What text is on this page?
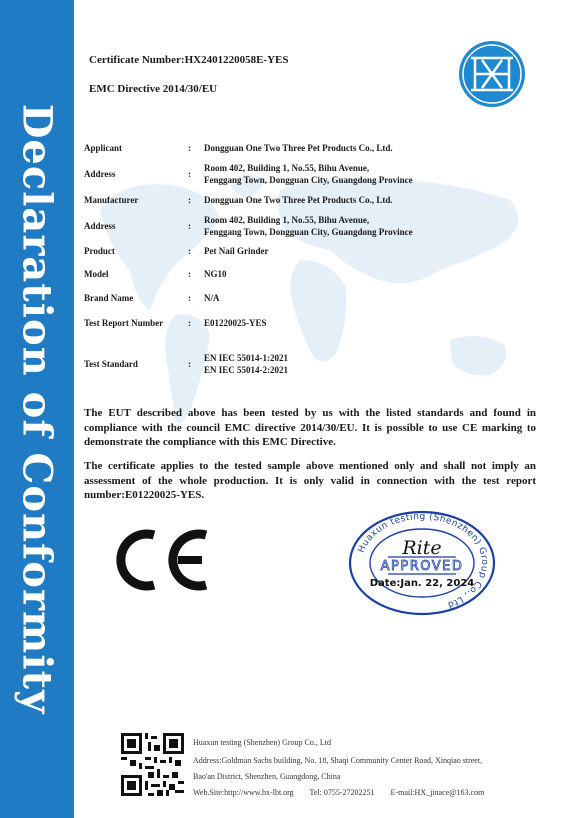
Declaration of Conformity
Certificate Number:HX2401220058E-YES
EMC Directive 2014/30/EU
Applicant	: Dongguan One Two Three Pet Products Co., Ltd.
Address	:
Room 402, Building 1, No.55, Bihu Avenue,
Fenggang Town, Dongguan City, Guangdong Province
Manufacturer	: Dongguan One Two Three Pet Products Co., Ltd.
Address	:
Room 402, Building 1, No.55, Bihu Avenue,
Fenggang Town, Dongguan City, Guangdong Province
Product	: Pet Nail Grinder
Model	: NG10
Brand Name	: N/A
Test Report Number	: E01220025-YES
Test Standard	:
EN IEC 55014-1:2021
EN IEC 55014-2:2021
The EUT described above has been tested by us with the listed standards and found in compliance with the council EMC directive 2014/30/EU. It is possible to use CE marking to demonstrate the compliance with this EMC Directive.
The certificate applies to the tested sample above mentioned only and shall not imply an assessment of the whole production. It is only valid in connection with the test report number:E01220025-YES.
Huaxun testing (Shenzhen) Group Co., Ltd
Rite
APPROVED
Date:Jan. 22, 2024
Huaxun testing (Shenzhen) Group Co., Ltd
Address:Goldman Sachs building, No. 18, Shaqi Community Center Road, Xinqiao street,
Bao'an District, Shenzhen, Guangdong, China
Web.Site:http://www.hx-lbt.org Tel: 0755-27202251 E-mail:HX_jinace@163.com
